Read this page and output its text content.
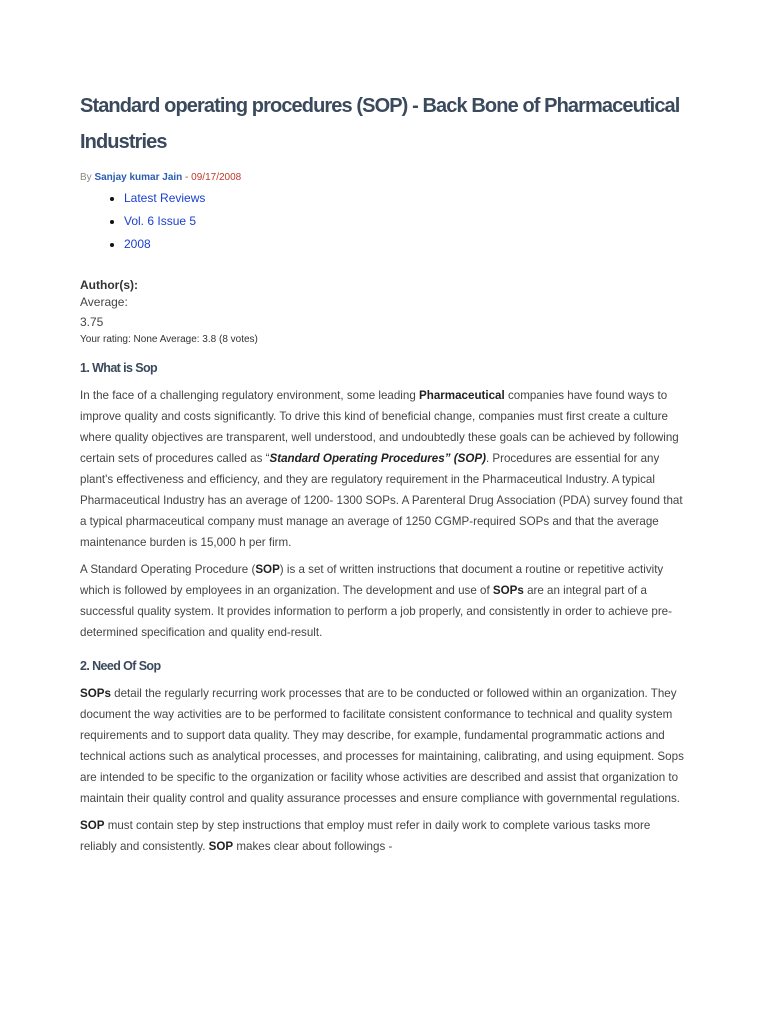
Standard operating procedures (SOP) - Back Bone of Pharmaceutical Industries
By Sanjay kumar Jain - 09/17/2008
• Latest Reviews
• Vol. 6 Issue 5
• 2008
Author(s):
Average:
3.75
Your rating: None Average: 3.8 (8 votes)
1. What is Sop

In the face of a challenging regulatory environment, some leading Pharmaceutical companies have found ways to improve quality and costs significantly. To drive this kind of beneficial change, companies must first create a culture where quality objectives are transparent, well understood, and undoubtedly these goals can be achieved by following certain sets of procedures called as “Standard Operating Procedures” (SOP). Procedures are essential for any plant's effectiveness and efficiency, and they are regulatory requirement in the Pharmaceutical Industry. A typical Pharmaceutical Industry has an average of 1200- 1300 SOPs. A Parenteral Drug Association (PDA) survey found that a typical pharmaceutical company must manage an average of 1250 CGMP-required SOPs and that the average maintenance burden is 15,000 h per firm.

A Standard Operating Procedure (SOP) is a set of written instructions that document a routine or repetitive activity which is followed by employees in an organization. The development and use of SOPs are an integral part of a successful quality system. It provides information to perform a job properly, and consistently in order to achieve pre-determined specification and quality end-result.

2. Need Of Sop

SOPs detail the regularly recurring work processes that are to be conducted or followed within an organization. They document the way activities are to be performed to facilitate consistent conformance to technical and quality system requirements and to support data quality. They may describe, for example, fundamental programmatic actions and technical actions such as analytical processes, and processes for maintaining, calibrating, and using equipment. Sops are intended to be specific to the organization or facility whose activities are described and assist that organization to maintain their quality control and quality assurance processes and ensure compliance with governmental regulations.

SOP must contain step by step instructions that employ must refer in daily work to complete various tasks more reliably and consistently. SOP makes clear about followings -
